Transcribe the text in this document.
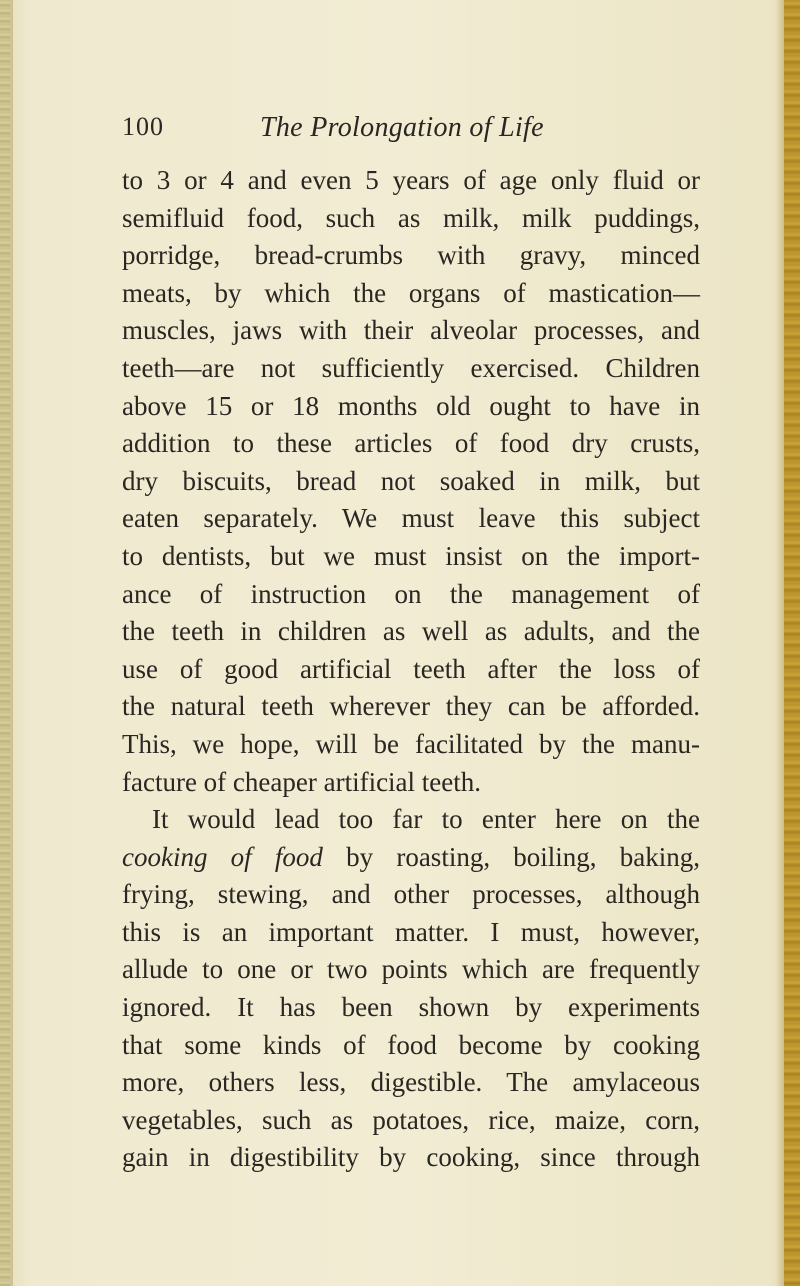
100	The Prolongation of Life
to 3 or 4 and even 5 years of age only fluid or
semifluid food, such as milk, milk puddings,
porridge, bread-crumbs with gravy, minced
meats, by which the organs of mastication—
muscles, jaws with their alveolar processes, and
teeth—are not sufficiently exercised. Children
above 15 or 18 months old ought to have in
addition to these articles of food dry crusts,
dry biscuits, bread not soaked in milk, but
eaten separately. We must leave this subject
to dentists, but we must insist on the import-
ance of instruction on the management of
the teeth in children as well as adults, and the
use of good artificial teeth after the loss of
the natural teeth wherever they can be afforded.
This, we hope, will be facilitated by the manu-
facture of cheaper artificial teeth.
It would lead too far to enter here on the
cooking of food by roasting, boiling, baking,
frying, stewing, and other processes, although
this is an important matter. I must, however,
allude to one or two points which are frequently
ignored. It has been shown by experiments
that some kinds of food become by cooking
more, others less, digestible. The amylaceous
vegetables, such as potatoes, rice, maize, corn,
gain in digestibility by cooking, since through
